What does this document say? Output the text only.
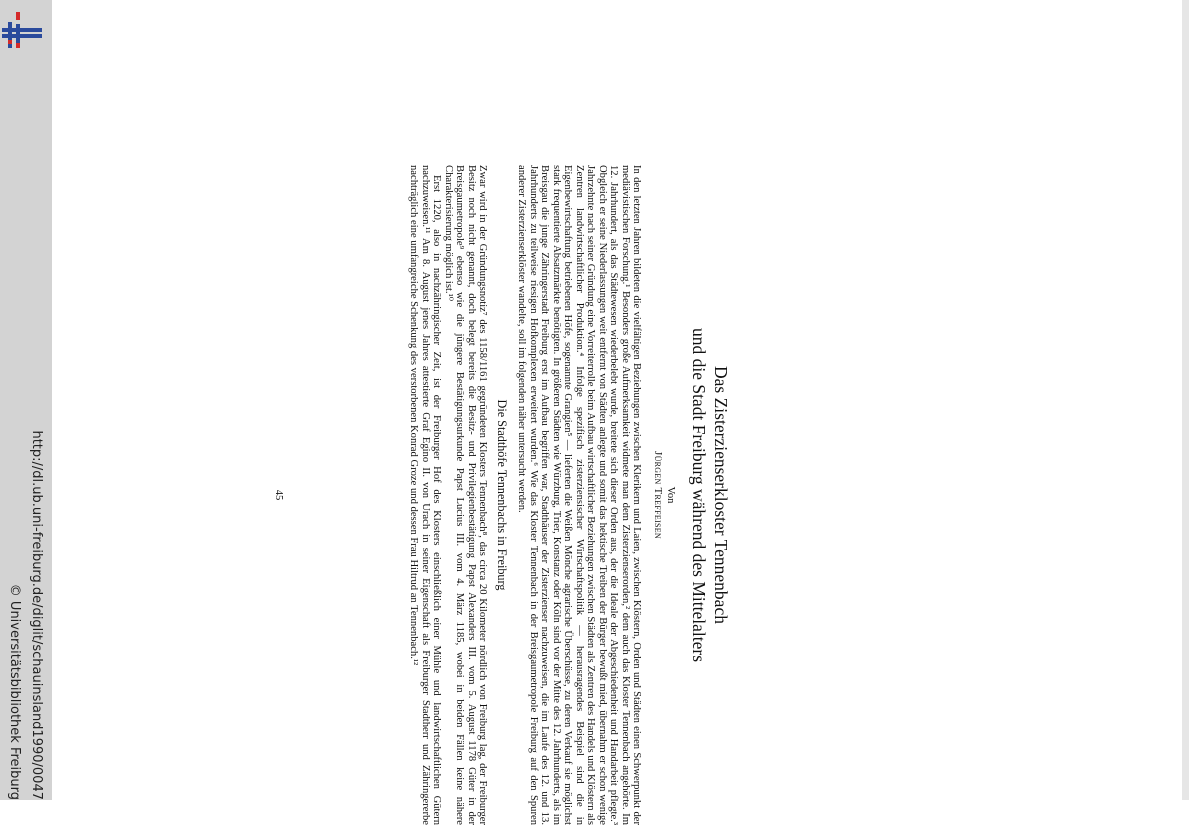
http://dl.ub.uni-freiburg.de/diglit/schauinsland1990/0047
© Universitätsbibliothek Freiburg
Das Zisterzienserkloster Tennenbach
und die Stadt Freiburg während des Mittelalters
Von
Jürgen Treffeisen

In den letzten Jahren bildeten die vielfältigen Beziehungen zwischen Klerikern und Laien, zwischen Klöstern, Orden und Städten einen Schwerpunkt der mediävistischen Forschung.¹ Besonders große Aufmerksamkeit widmete man dem Zisterzienserorden,² dem auch das Kloster Tennenbach angehörte. Im 12. Jahrhundert, als das Städtewesen wiederbelebt wurde, breitete sich dieser Orden aus, der die Ideale der Abgeschiedenheit und Handarbeit pflegte.³ Obgleich er seine Niederlassungen weit entfernt von Städten anlegte und somit das hektische Treiben der Bürger bewußt mied, übernahm er schon wenige Jahrzehnte nach seiner Gründung eine Vorreiterrolle beim Aufbau wirtschaftlicher Beziehungen zwischen Städten als Zentren des Handels und Klöstern als Zentren landwirtschaftlicher Produktion.⁴ Infolge spezifisch zisterziensischer Wirtschaftspolitik — herausragendes Beispiel sind die in Eigenbewirtschaftung betriebenen Höfe, sogenannte Grangien⁵ — lieferten die Weißen Mönche agrarische Überschüsse, zu deren Verkauf sie möglichst stark frequentierte Absatzmärkte benötigten. In größeren Städten wie Würzburg, Trier, Konstanz oder Köln sind vor der Mitte des 12. Jahrhunderts, als im Breisgau die junge Zähringerstadt Freiburg erst im Aufbau begriffen war, Stadthäuser der Zisterzienser nachzuweisen, die im Laufe des 12. und 13. Jahrhunderts zu teilweise riesigen Hofkomplexen erweitert wurden.⁶ Wie das Kloster Tennenbach in der Breisgaumetropole Freiburg auf den Spuren anderer Zisterzienserklöster wandelte, soll im folgenden näher untersucht werden.

Die Stadthöfe Tennenbachs in Freiburg

Zwar wird in der Gründungsnotiz⁷ des 1158/1161 gegründeten Klosters Tennenbach⁸, das circa 20 Kilometer nördlich von Freiburg lag, der Freiburger Besitz noch nicht genannt, doch belegt bereits die Besitz- und Privilegienbestätigung Papst Alexanders III. vom 5. August 1178 Güter in der Breisgaumetropole⁹ ebenso wie die jüngere Bestätigungsurkunde Papst Lucius III. vom 4. März 1185, wobei in beiden Fällen keine nähere Charakterisierung möglich ist.¹⁰

Erst 1220, also in nachzähringischer Zeit, ist der Freiburger Hof des Klosters einschließlich einer Mühle und landwirtschaftlichen Gütern nachzuweisen.¹¹ Am 8. August jenes Jahres attestierte Graf Egino II. von Urach in seiner Eigenschaft als Freiburger Stadtherr und Zähringererbe nachträglich eine umfangreiche Schenkung des verstorbenen Konrad Groze und dessen Frau Hiltrud an Tennenbach.¹²

45
